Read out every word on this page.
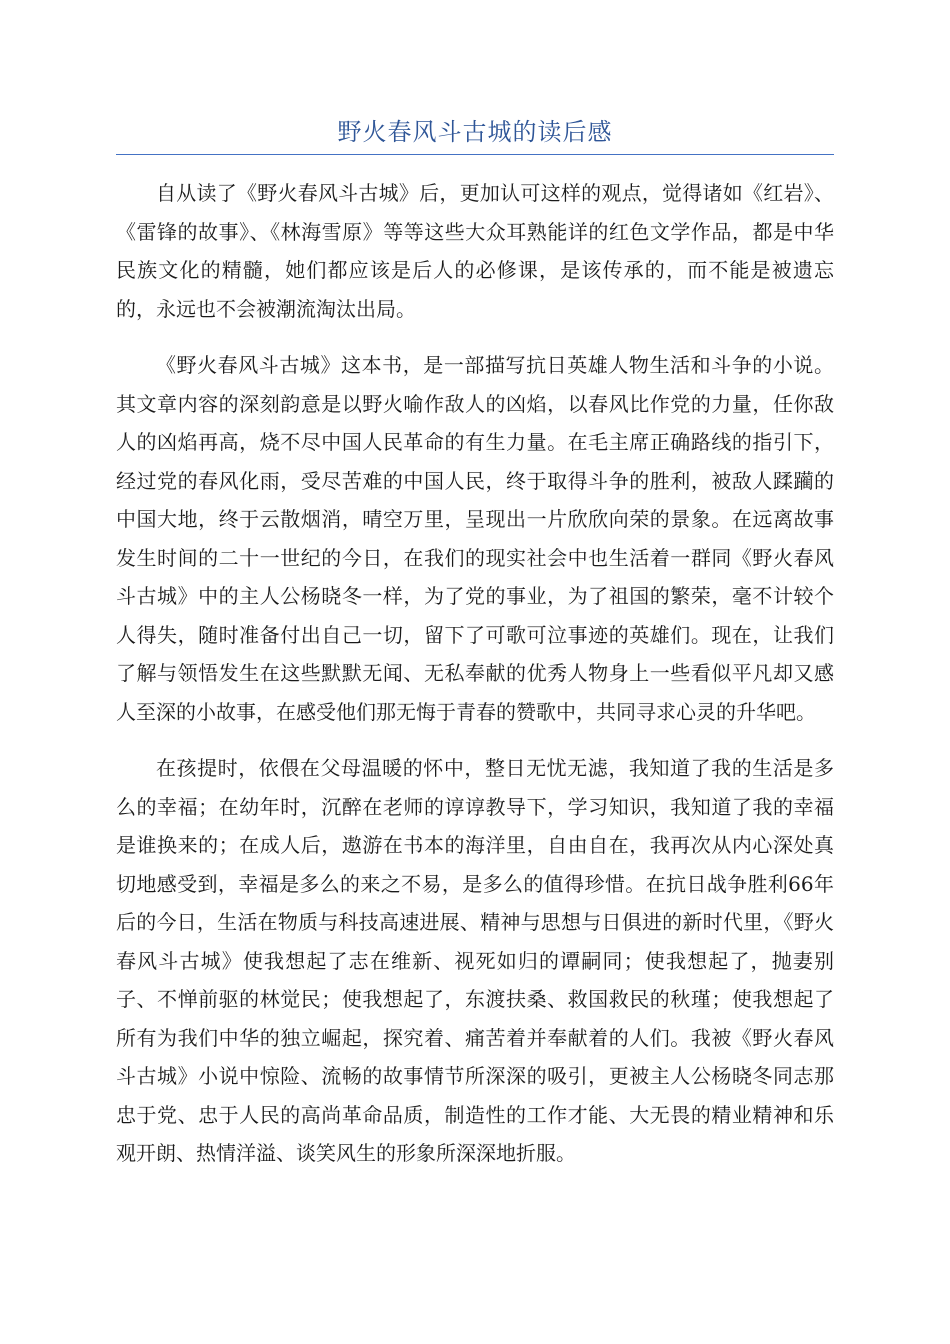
野火春风斗古城的读后感

自从读了《野火春风斗古城》后，更加认可这样的观点，觉得诸如《红岩》、《雷锋的故事》、《林海雪原》等等这些大众耳熟能详的红色文学作品，都是中华民族文化的精髓，她们都应该是后人的必修课，是该传承的，而不能是被遗忘的，永远也不会被潮流淘汰出局。

《野火春风斗古城》这本书，是一部描写抗日英雄人物生活和斗争的小说。其文章内容的深刻韵意是以野火喻作敌人的凶焰，以春风比作党的力量，任你敌人的凶焰再高，烧不尽中国人民革命的有生力量。在毛主席正确路线的指引下，经过党的春风化雨，受尽苦难的中国人民，终于取得斗争的胜利，被敌人蹂躏的中国大地，终于云散烟消，晴空万里，呈现出一片欣欣向荣的景象。在远离故事发生时间的二十一世纪的今日，在我们的现实社会中也生活着一群同《野火春风斗古城》中的主人公杨晓冬一样，为了党的事业，为了祖国的繁荣，毫不计较个人得失，随时准备付出自己一切，留下了可歌可泣事迹的英雄们。现在，让我们了解与领悟发生在这些默默无闻、无私奉献的优秀人物身上一些看似平凡却又感人至深的小故事，在感受他们那无悔于青春的赞歌中，共同寻求心灵的升华吧。

在孩提时，依偎在父母温暖的怀中，整日无忧无滤，我知道了我的生活是多么的幸福；在幼年时，沉醉在老师的谆谆教导下，学习知识，我知道了我的幸福是谁换来的；在成人后，遨游在书本的海洋里，自由自在，我再次从内心深处真切地感受到，幸福是多么的来之不易，是多么的值得珍惜。在抗日战争胜利66年后的今日，生活在物质与科技高速进展、精神与思想与日俱进的新时代里，《野火春风斗古城》使我想起了志在维新、视死如归的谭嗣同；使我想起了，抛妻别子、不惮前驱的林觉民；使我想起了，东渡扶桑、救国救民的秋瑾；使我想起了所有为我们中华的独立崛起，探究着、痛苦着并奉献着的人们。我被《野火春风斗古城》小说中惊险、流畅的故事情节所深深的吸引，更被主人公杨晓冬同志那忠于党、忠于人民的高尚革命品质，制造性的工作才能、大无畏的精业精神和乐观开朗、热情洋溢、谈笑风生的形象所深深地折服。
